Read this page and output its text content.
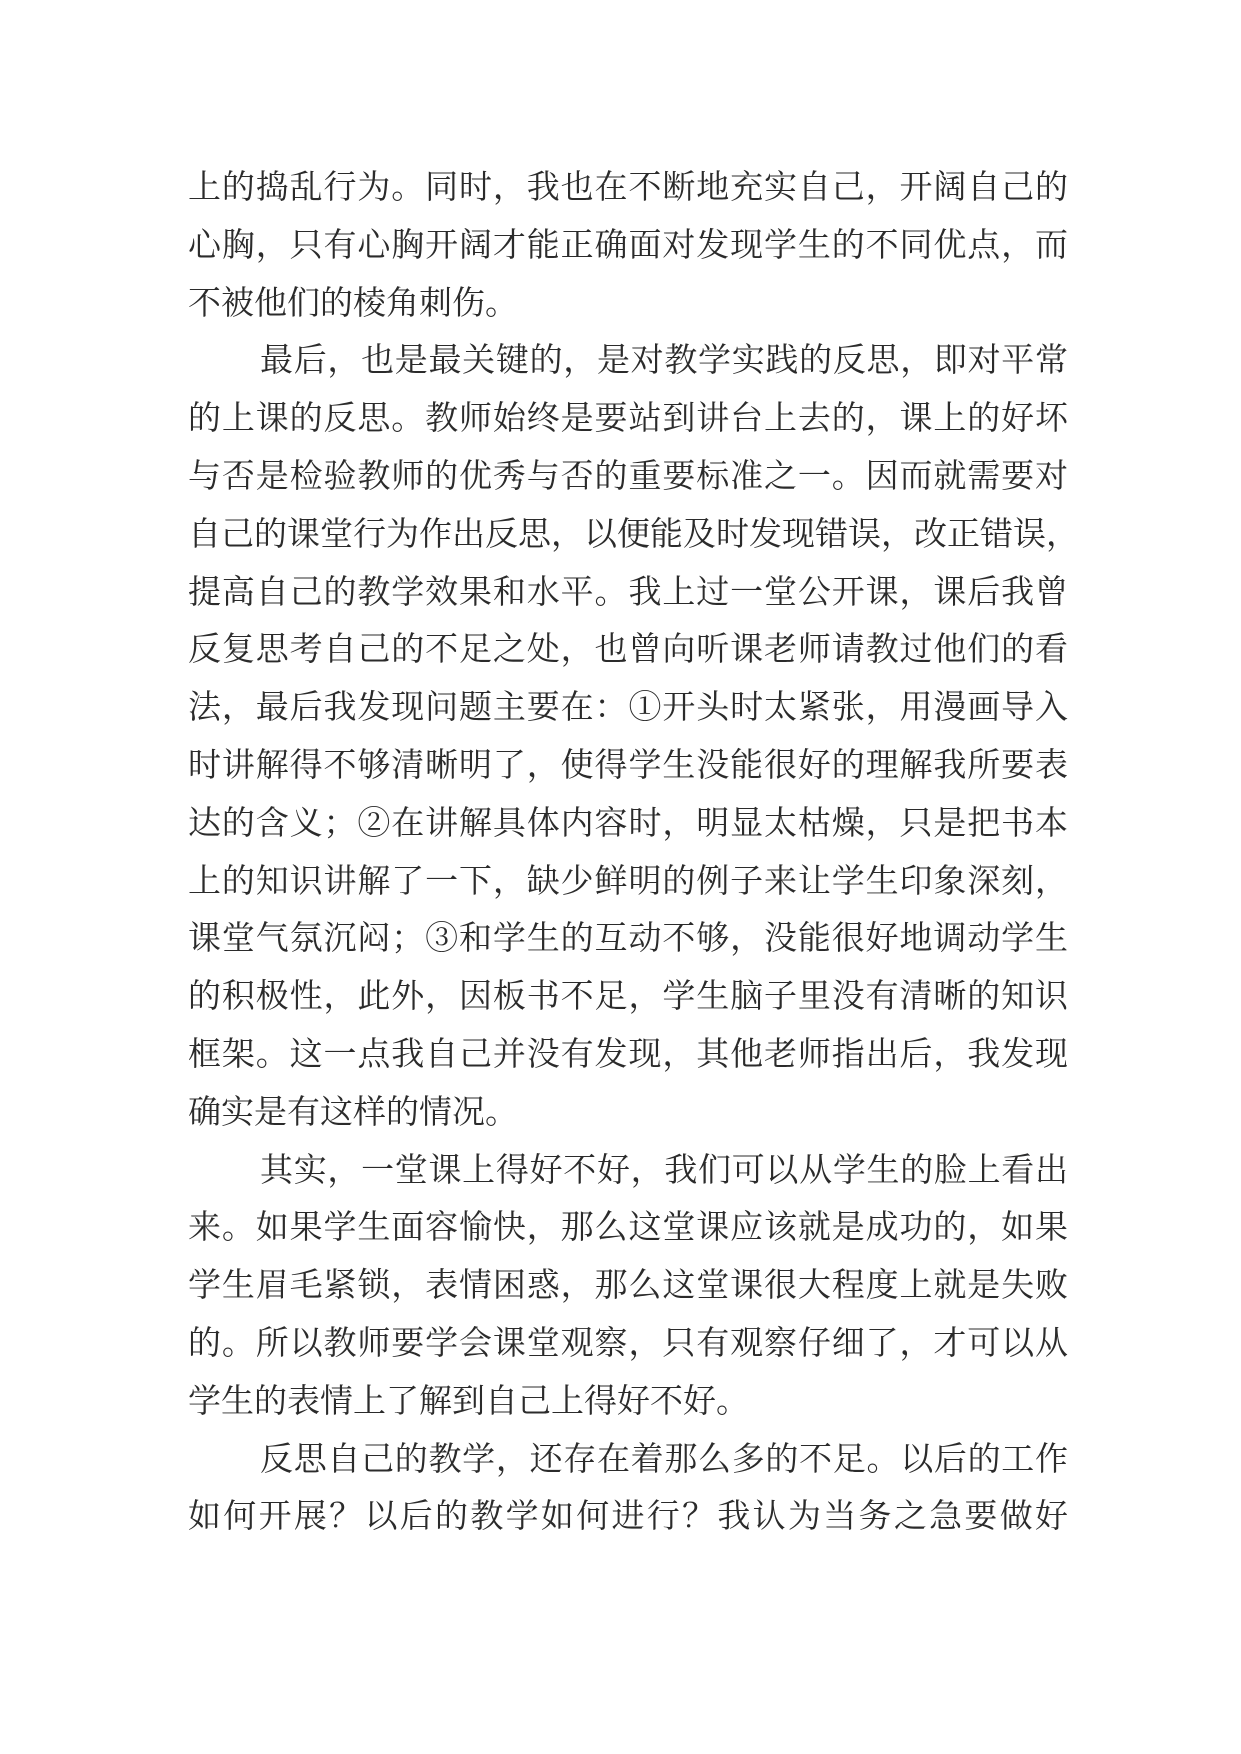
上的捣乱行为。同时，我也在不断地充实自己，开阔自己的
心胸，只有心胸开阔才能正确面对发现学生的不同优点，而
不被他们的棱角刺伤。
最后，也是最关键的，是对教学实践的反思，即对平常
的上课的反思。教师始终是要站到讲台上去的，课上的好坏
与否是检验教师的优秀与否的重要标准之一。因而就需要对
自己的课堂行为作出反思，以便能及时发现错误，改正错误，
提高自己的教学效果和水平。我上过一堂公开课，课后我曾
反复思考自己的不足之处，也曾向听课老师请教过他们的看
法，最后我发现问题主要在：①开头时太紧张，用漫画导入
时讲解得不够清晰明了，使得学生没能很好的理解我所要表
达的含义；②在讲解具体内容时，明显太枯燥，只是把书本
上的知识讲解了一下，缺少鲜明的例子来让学生印象深刻，
课堂气氛沉闷；③和学生的互动不够，没能很好地调动学生
的积极性，此外，因板书不足，学生脑子里没有清晰的知识
框架。这一点我自己并没有发现，其他老师指出后，我发现
确实是有这样的情况。
其实，一堂课上得好不好，我们可以从学生的脸上看出
来。如果学生面容愉快，那么这堂课应该就是成功的，如果
学生眉毛紧锁，表情困惑，那么这堂课很大程度上就是失败
的。所以教师要学会课堂观察，只有观察仔细了，才可以从
学生的表情上了解到自己上得好不好。
反思自己的教学，还存在着那么多的不足。以后的工作
如何开展？以后的教学如何进行？我认为当务之急要做好
